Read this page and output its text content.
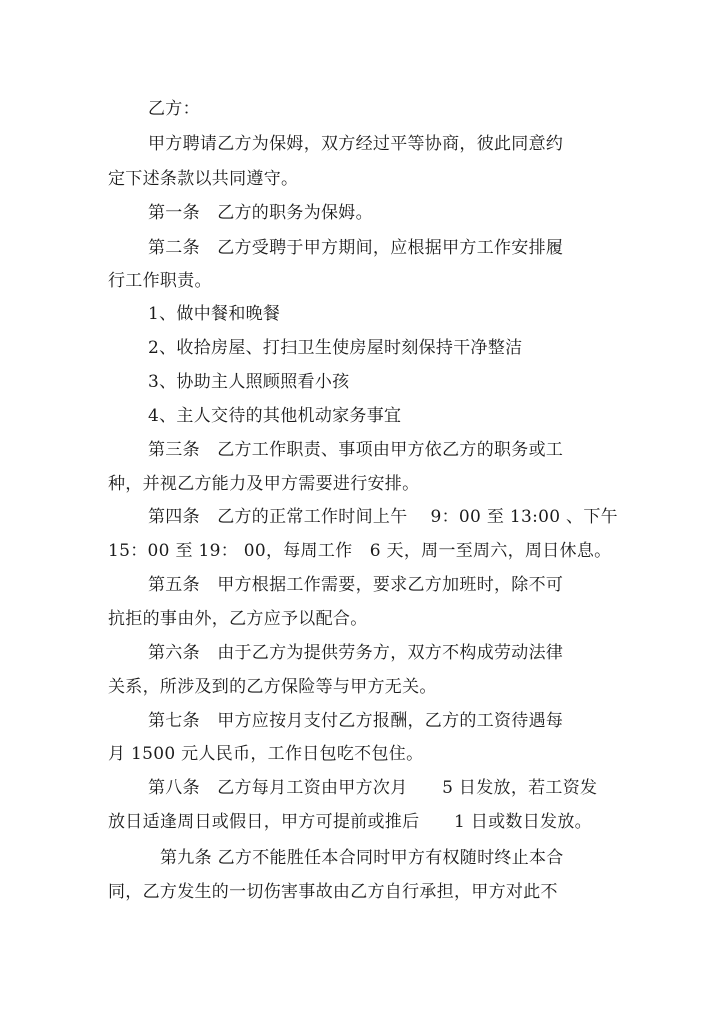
乙方：
甲方聘请乙方为保姆，双方经过平等协商，彼此同意约
定下述条款以共同遵守。
第一条　乙方的职务为保姆。
第二条　乙方受聘于甲方期间，应根据甲方工作安排履
行工作职责。
1、做中餐和晚餐
2、收拾房屋、打扫卫生使房屋时刻保持干净整洁
3、协助主人照顾照看小孩
4、主人交待的其他机动家务事宜
第三条　乙方工作职责、事项由甲方依乙方的职务或工
种，并视乙方能力及甲方需要进行安排。
第四条　乙方的正常工作时间上午　 9：00 至 13:00 、下午
15：00 至 19： 00，每周工作　6 天，周一至周六，周日休息。
第五条　甲方根据工作需要，要求乙方加班时，除不可
抗拒的事由外，乙方应予以配合。
第六条　由于乙方为提供劳务方，双方不构成劳动法律
关系，所涉及到的乙方保险等与甲方无关。
第七条　甲方应按月支付乙方报酬，乙方的工资待遇每
月 1500 元人民币，工作日包吃不包住。
第八条　乙方每月工资由甲方次月　　5 日发放，若工资发
放日适逢周日或假日，甲方可提前或推后　　1 日或数日发放。
第九条 乙方不能胜任本合同时甲方有权随时终止本合
同，乙方发生的一切伤害事故由乙方自行承担，甲方对此不
